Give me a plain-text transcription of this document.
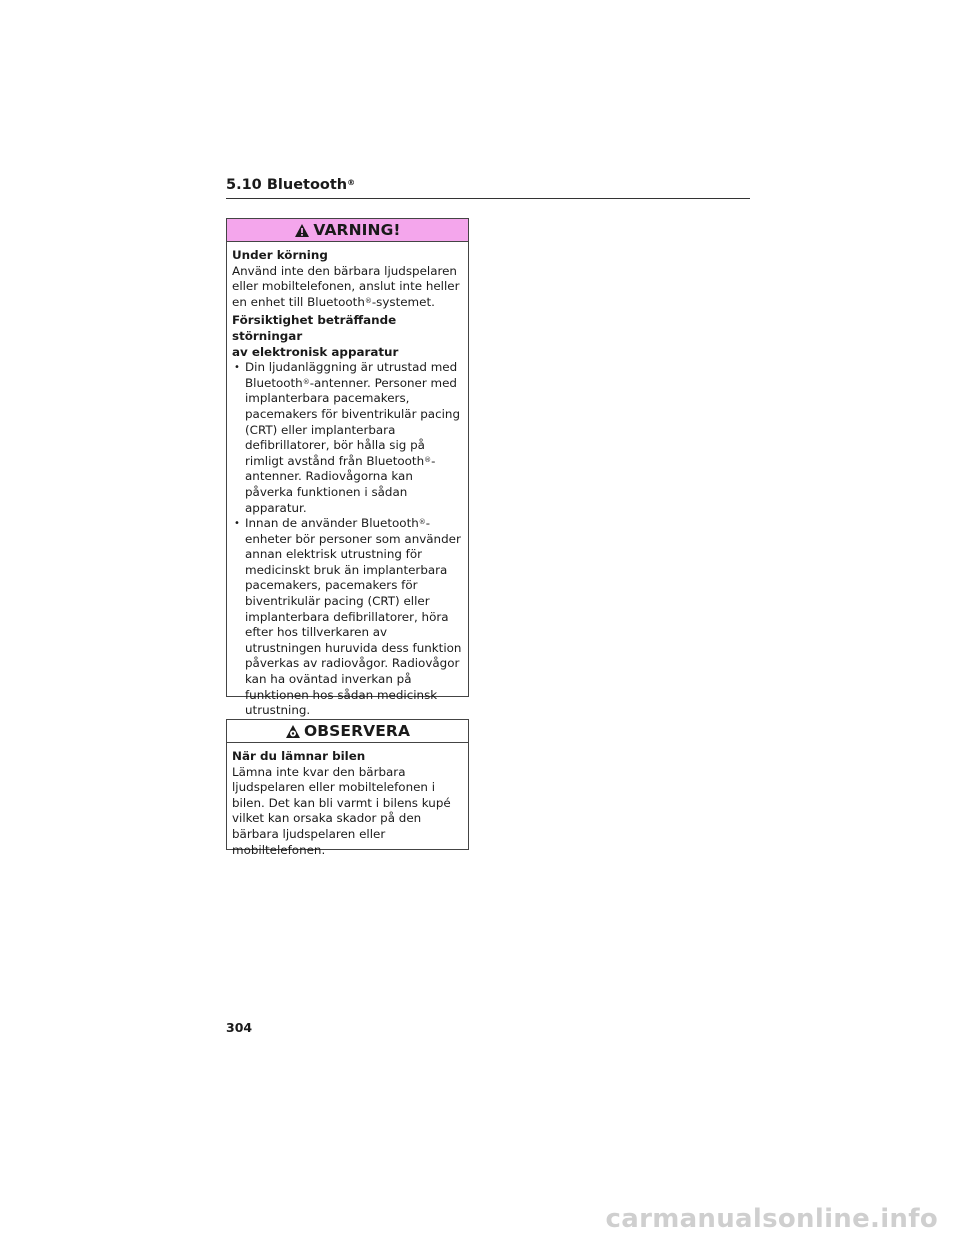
5.10 Bluetooth®
VARNING!

Under körning

Använd inte den bärbara ljudspelaren eller mobiltelefonen, anslut inte heller en enhet till Bluetooth®-systemet.

Försiktighet beträffande störningar
av elektronisk apparatur

• Din ljudanläggning är utrustad med Bluetooth®-antenner. Personer med implanterbara pacemakers, pacemakers för biventrikulär pacing (CRT) eller implanterbara defibrillatorer, bör hålla sig på rimligt avstånd från Bluetooth®-antenner. Radiovågorna kan påverka funktionen i sådan apparatur.
• Innan de använder Bluetooth®-enheter bör personer som använder annan elektrisk utrustning för medicinskt bruk än implanterbara pacemakers, pacemakers för biventrikulär pacing (CRT) eller implanterbara defibrillatorer, höra efter hos tillverkaren av utrustningen huruvida dess funktion påverkas av radiovågor. Radiovågor kan ha oväntad inverkan på funktionen hos sådan medicinsk utrustning.
OBSERVERA

När du lämnar bilen

Lämna inte kvar den bärbara ljudspelaren eller mobiltelefonen i bilen. Det kan bli varmt i bilens kupé vilket kan orsaka skador på den bärbara ljudspelaren eller mobiltelefonen.

304
carmanualsonline.info
